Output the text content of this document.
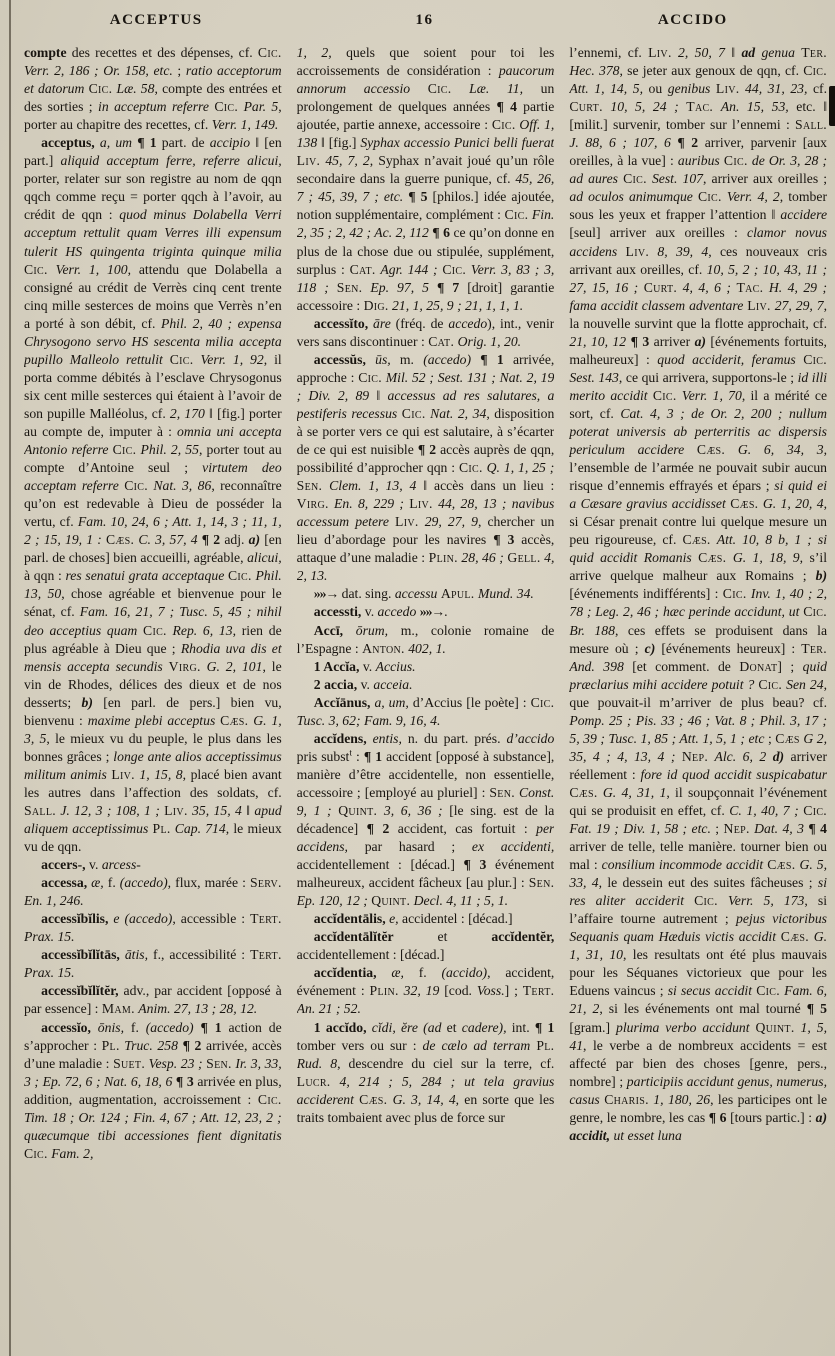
ACCEPTUS	16	ACCIDO

compte des recettes et des dépenses, cf. Cic. Verr. 2, 186 ; Or. 158, etc. ; ratio acceptorum et datorum Cic. Læ. 58, compte des entrées et des sorties ; in acceptum referre Cic. Par. 5, porter au chapitre des recettes, cf. Verr. 1, 149.

acceptus, a, um ¶ 1 part. de accipio ‖ [en part.] aliquid acceptum ferre, referre alicui, porter, relater sur son registre au nom de qqn qqch comme reçu = porter qqch à l’avoir, au crédit de qqn : quod minus Dolabella Verri acceptum rettulit quam Verres illi expensum tulerit HS quingenta triginta quinque milia Cic. Verr. 1, 100, attendu que Dolabella a consigné au crédit de Verrès cinq cent trente cinq mille sesterces de moins que Verrès n’en a porté à son débit, cf. Phil. 2, 40 ; expensa Chrysogono servo HS sescenta milia accepta pupillo Malleolo rettulit Cic. Verr. 1, 92, il porta comme débités à l’esclave Chrysogonus six cent mille sesterces qui étaient à l’avoir de son pupille Malléolus, cf. 2, 170 ‖ [fig.] porter au compte de, imputer à : omnia uni accepta Antonio referre Cic. Phil. 2, 55, porter tout au compte d’Antoine seul ; virtutem deo acceptam referre Cic. Nat. 3, 86, reconnaître qu’on est redevable à Dieu de posséder la vertu, cf. Fam. 10, 24, 6 ; Att. 1, 14, 3 ; 11, 1, 2 ; 15, 19, 1 : Cæs. C. 3, 57, 4 ¶ 2 adj. a) [en parl. de choses] bien accueilli, agréable, alicui, à qqn : res senatui grata acceptaque Cic. Phil. 13, 50, chose agréable et bienvenue pour le sénat, cf. Fam. 16, 21, 7 ; Tusc. 5, 45 ; nihil deo acceptius quam Cic. Rep. 6, 13, rien de plus agréable à Dieu que ; Rhodia uva dis et mensis accepta secundis Virg. G. 2, 101, le vin de Rhodes, délices des dieux et de nos desserts; b) [en parl. de pers.] bien vu, bienvenu : maxime plebi acceptus Cæs. G. 1, 3, 5, le mieux vu du peuple, le plus dans les bonnes grâces ; longe ante alios acceptissimus militum animis Liv. 1, 15, 8, placé bien avant les autres dans l’affection des soldats, cf. Sall. J. 12, 3 ; 108, 1 ; Liv. 35, 15, 4 ‖ apud aliquem acceptissimus Pl. Cap. 714, le mieux vu de qqn.

accers-, v. arcess-

accessa, æ, f. (accedo), flux, marée : Serv. En. 1, 246.

accessĭbĭlis, e (accedo), accessible : Tert. Prax. 15.

accessĭbĭlĭtās, ātis, f., accessibilité : Tert. Prax. 15.

accessĭbĭlĭtĕr, adv., par accident [opposé à par essence] : Mam. Anim. 27, 13 ; 28, 12.

accessĭo, ōnis, f. (accedo) ¶ 1 action de s’approcher : Pl. Truc. 258 ¶ 2 arrivée, accès d’une maladie : Suet. Vesp. 23 ; Sen. Ir. 3, 33, 3 ; Ep. 72, 6 ; Nat. 6, 18, 6 ¶ 3 arrivée en plus, addition, augmentation, accroissement : Cic. Tim. 18 ; Or. 124 ; Fin. 4, 67 ; Att. 12, 23, 2 ; quæcumque tibi accessiones fient dignitatis Cic. Fam. 2,

1, 2, quels que soient pour toi les accroissements de considération : paucorum annorum accessio Cic. Læ. 11, un prolongement de quelques années ¶ 4 partie ajoutée, partie annexe, accessoire : Cic. Off. 1, 138 ‖ [fig.] Syphax accessio Punici belli fuerat Liv. 45, 7, 2, Syphax n’avait joué qu’un rôle secondaire dans la guerre punique, cf. 45, 26, 7 ; 45, 39, 7 ; etc. ¶ 5 [philos.] idée ajoutée, notion supplémentaire, complément : Cic. Fin. 2, 35 ; 2, 42 ; Ac. 2, 112 ¶ 6 ce qu’on donne en plus de la chose due ou stipulée, supplément, surplus : Cat. Agr. 144 ; Cic. Verr. 3, 83 ; 3, 118 ; Sen. Ep. 97, 5 ¶ 7 [droit] garantie accessoire : Dig. 21, 1, 25, 9 ; 21, 1, 1, 1.

accessĭto, āre (fréq. de accedo), int., venir vers sans discontinuer : Cat. Orig. 1, 20.

accessŭs, ūs, m. (accedo) ¶ 1 arrivée, approche : Cic. Mil. 52 ; Sest. 131 ; Nat. 2, 19 ; Div. 2, 89 ‖ accessus ad res salutares, a pestiferis recessus Cic. Nat. 2, 34, disposition à se porter vers ce qui est salutaire, à s’écarter de ce qui est nuisible ¶ 2 accès auprès de qqn, possibilité d’approcher qqn : Cic. Q. 1, 1, 25 ; Sen. Clem. 1, 13, 4 ‖ accès dans un lieu : Virg. En. 8, 229 ; Liv. 44, 28, 13 ; navibus accessum petere Liv. 29, 27, 9, chercher un lieu d’abordage pour les navires ¶ 3 accès, attaque d’une maladie : Plin. 28, 46 ; Gell. 4, 2, 13.

»»→ dat. sing. accessu Apul. Mund. 34.

accessti, v. accedo »»→.

Accī, ōrum, m., colonie romaine de l’Espagne : Anton. 402, 1.

1 Accĭa, v. Accius.

2 accia, v. acceia.

Accĭānus, a, um, d’Accius [le poète] : Cic. Tusc. 3, 62; Fam. 9, 16, 4.

accĭdens, entis, n. du part. prés. d’accido pris subst$^t$ : ¶ 1 accident [opposé à substance], manière d’être accidentelle, non essentielle, accessoire ; [employé au pluriel] : Sen. Const. 9, 1 ; Quint. 3, 6, 36 ; [le sing. est de la décadence] ¶ 2 accident, cas fortuit : per accidens, par hasard ; ex accidenti, accidentellement : [décad.] ¶ 3 événement malheureux, accident fâcheux [au plur.] : Sen. Ep. 120, 12 ; Quint. Decl. 4, 11 ; 5, 1.

accĭdentālis, e, accidentel : [décad.]

accĭdentālĭtĕr et accĭdentĕr, accidentellement : [décad.]

accĭdentia, æ, f. (accido), accident, événement : Plin. 32, 19 [cod. Voss.] ; Tert. An. 21 ; 52.

1 accĭdo, cĭdi, ĕre (ad et cadere), int. ¶ 1 tomber vers ou sur : de cælo ad terram Pl. Rud. 8, descendre du ciel sur la terre, cf. Lucr. 4, 214 ; 5, 284 ; ut tela gravius acciderent Cæs. G. 3, 14, 4, en sorte que les traits tombaient avec plus de force sur

l’ennemi, cf. Liv. 2, 50, 7 ‖ ad genua Ter. Hec. 378, se jeter aux genoux de qqn, cf. Cic. Att. 1, 14, 5, ou genibus Liv. 44, 31, 23, cf. Curt. 10, 5, 24 ; Tac. An. 15, 53, etc. ‖ [milit.] survenir, tomber sur l’ennemi : Sall. J. 88, 6 ; 107, 6 ¶ 2 arriver, parvenir [aux oreilles, à la vue] : auribus Cic. de Or. 3, 28 ; ad aures Cic. Sest. 107, arriver aux oreilles ; ad oculos animumque Cic. Verr. 4, 2, tomber sous les yeux et frapper l’attention ‖ accidere [seul] arriver aux oreilles : clamor novus accidens Liv. 8, 39, 4, ces nouveaux cris arrivant aux oreilles, cf. 10, 5, 2 ; 10, 43, 11 ; 27, 15, 16 ; Curt. 4, 4, 6 ; Tac. H. 4, 29 ; fama accidit classem adventare Liv. 27, 29, 7, la nouvelle survint que la flotte approchait, cf. 21, 10, 12 ¶ 3 arriver a) [événements fortuits, malheureux] : quod acciderit, feramus Cic. Sest. 143, ce qui arrivera, supportons-le ; id illi merito accidit Cic. Verr. 1, 70, il a mérité ce sort, cf. Cat. 4, 3 ; de Or. 2, 200 ; nullum poterat universis ab perterritis ac dispersis periculum accidere Cæs. G. 6, 34, 3, l’ensemble de l’armée ne pouvait subir aucun risque d’ennemis effrayés et épars ; si quid ei a Cæsare gravius accidisset Cæs. G. 1, 20, 4, si César prenait contre lui quelque mesure un peu rigoureuse, cf. Cæs. Att. 10, 8 b, 1 ; si quid accidit Romanis Cæs. G. 1, 18, 9, s’il arrive quelque malheur aux Romains ; b) [événements indifférents] : Cic. Inv. 1, 40 ; 2, 78 ; Leg. 2, 46 ; hæc perinde accidunt, ut Cic. Br. 188, ces effets se produisent dans la mesure où ; c) [événements heureux] : Ter. And. 398 [et comment. de Donat] ; quid præclarius mihi accidere potuit ? Cic. Sen 24, que pouvait-il m’arriver de plus beau? cf. Pomp. 25 ; Pis. 33 ; 46 ; Vat. 8 ; Phil. 3, 17 ; 5, 39 ; Tusc. 1, 85 ; Att. 1, 5, 1 ; etc ; Cæs G 2, 35, 4 ; 4, 13, 4 ; Nep. Alc. 6, 2 d) arriver réellement : fore id quod accidit suspicabatur Cæs. G. 4, 31, 1, il soupçonnait l’événement qui se produisit en effet, cf. C. 1, 40, 7 ; Cic. Fat. 19 ; Div. 1, 58 ; etc. ; Nep. Dat. 4, 3 ¶ 4 arriver de telle, telle manière. tourner bien ou mal : consilium incommode accidit Cæs. G. 5, 33, 4, le dessein eut des suites fâcheuses ; si res aliter acciderit Cic. Verr. 5, 173, si l’affaire tourne autrement ; pejus victoribus Sequanis quam Hæduis victis accidit Cæs. G. 1, 31, 10, les resultats ont été plus mauvais pour les Séquanes victorieux que pour les Eduens vaincus ; si secus accidit Cic. Fam. 6, 21, 2, si les événements ont mal tourné ¶ 5 [gram.] plurima verbo accidunt Quint. 1, 5, 41, le verbe a de nombreux accidents = est affecté par bien des choses [genre, pers., nombre] ; participiis accidunt genus, numerus, casus Charis. 1, 180, 26, les participes ont le genre, le nombre, les cas ¶ 6 [tours partic.] : a) accidit, ut esset luna
